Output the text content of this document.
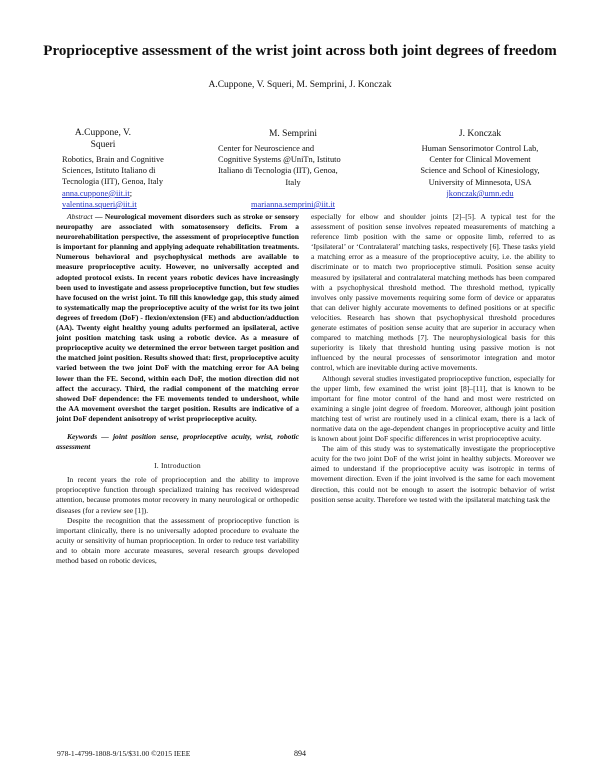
Proprioceptive assessment of the wrist joint across both joint degrees of freedom
A.Cuppone, V. Squeri, M. Semprini, J. Konczak
A.Cuppone, V. Squeri
Robotics, Brain and Cognitive
Sciences, Istituto Italiano di
Tecnologia (IIT), Genoa, Italy
anna.cuppone@iit.it;
valentina.squeri@iit.it
M. Semprini
Center for Neuroscience and
Cognitive Systems @UniTn, Istituto
Italiano di Tecnologia (IIT), Genoa,
Italy
marianna.semprini@iit.it
J. Konczak
Human Sensorimotor Control Lab,
Center for Clinical Movement
Science and School of Kinesiology,
University of Minnesota, USA
jkonczak@umn.edu

Abstract — Neurological movement disorders such as stroke or sensory neuropathy are associated with somatosensory deficits. From a neurorehabilitation perspective, the assessment of proprioceptive function is important for planning and applying adequate rehabilitation treatments. Numerous behavioral and psychophysical methods are available to measure proprioceptive acuity. However, no universally accepted and adopted protocol exists. In recent years robotic devices have increasingly been used to investigate and assess proprioceptive function, but few studies have focused on the wrist joint. To fill this knowledge gap, this study aimed to systematically map the proprioceptive acuity of the wrist for its two joint degrees of freedom (DoF) - flexion/extension (FE) and abduction/adduction (AA). Twenty eight healthy young adults performed an ipsilateral, active joint position matching task using a robotic device. As a measure of proprioceptive acuity we determined the error between target position and the matched joint position. Results showed that: first, proprioceptive acuity varied between the two joint DoF with the matching error for AA being lower than the FE. Second, within each DoF, the motion direction did not affect the accuracy. Third, the radial component of the matching error showed DoF dependence: the FE movements tended to undershoot, while the AA movement overshot the target position. Results are indicative of a joint DoF dependent anisotropy of wrist proprioceptive acuity.

Keywords — joint position sense, proprioceptive acuity, wrist, robotic assessment

I. Introduction

In recent years the role of proprioception and the ability to improve proprioceptive function through specialized training has received widespread attention, because promotes motor recovery in many neurological or orthopedic diseases (for a review see [1]).

Despite the recognition that the assessment of proprioceptive function is important clinically, there is no universally adopted procedure to evaluate the acuity or sensitivity of human proprioception. In order to reduce test variability and to obtain more accurate measures, several research groups developed method based on robotic devices,

especially for elbow and shoulder joints [2]–[5]. A typical test for the assessment of position sense involves repeated measurements of matching a reference limb position with the same or opposite limb, referred to as ‘Ipsilateral’ or ‘Contralateral’ matching tasks, respectively [6]. These tasks yield a matching error as a measure of the proprioceptive acuity, i.e. the ability to discriminate or to match two proprioceptive stimuli. Position sense acuity measured by ipsilateral and contralateral matching methods has been compared with a psychophysical threshold method. The threshold method, typically involves only passive movements requiring some form of device or apparatus that can deliver highly accurate movements to defined positions or at specific velocities. Research has shown that psychophysical threshold procedures generate estimates of position sense acuity that are superior in accuracy when compared to matching methods [7]. The neurophysiological basis for this superiority is likely that threshold hunting using passive motion is not influenced by the neural processes of sensorimotor integration and motor control, which are inevitable during active movements.

Although several studies investigated proprioceptive function, especially for the upper limb, few examined the wrist joint [8]–[11], that is known to be important for fine motor control of the hand and most were restricted on examining a single joint degree of freedom. Moreover, although joint position matching test of wrist are routinely used in a clinical exam, there is a lack of normative data on the age-dependent changes in proprioceptive acuity and little is known about joint DoF specific differences in wrist proprioceptive acuity.

The aim of this study was to systematically investigate the proprioceptive acuity for the two joint DoF of the wrist joint in healthy subjects. Moreover we aimed to understand if the proprioceptive acuity was isotropic in terms of movement direction. Even if the joint involved is the same for each movement direction, this could not be enough to assert the isotropic behavior of wrist position sense acuity. Therefore we tested with the ipsilateral matching task the

978-1-4799-1808-9/15/$31.00 ©2015 IEEE	894
